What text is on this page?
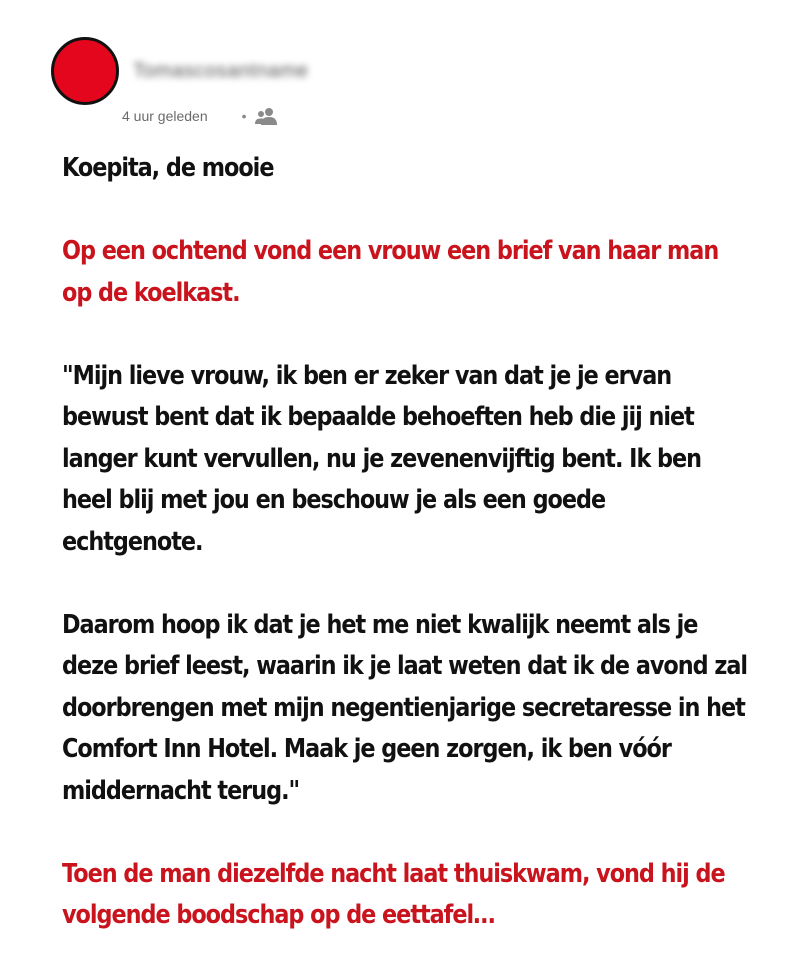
Tomascosantname
4 uur geleden •

Koepita, de mooie

Op een ochtend vond een vrouw een brief van haar man op de koelkast.

"Mijn lieve vrouw, ik ben er zeker van dat je je ervan bewust bent dat ik bepaalde behoeften heb die jij niet langer kunt vervullen, nu je zevenenvijftig bent. Ik ben heel blij met jou en beschouw je als een goede echtgenote.

Daarom hoop ik dat je het me niet kwalijk neemt als je deze brief leest, waarin ik je laat weten dat ik de avond zal doorbrengen met mijn negentienjarige secretaresse in het Comfort Inn Hotel. Maak je geen zorgen, ik ben vóór middernacht terug."

Toen de man diezelfde nacht laat thuiskwam, vond hij de volgende boodschap op de eettafel…
